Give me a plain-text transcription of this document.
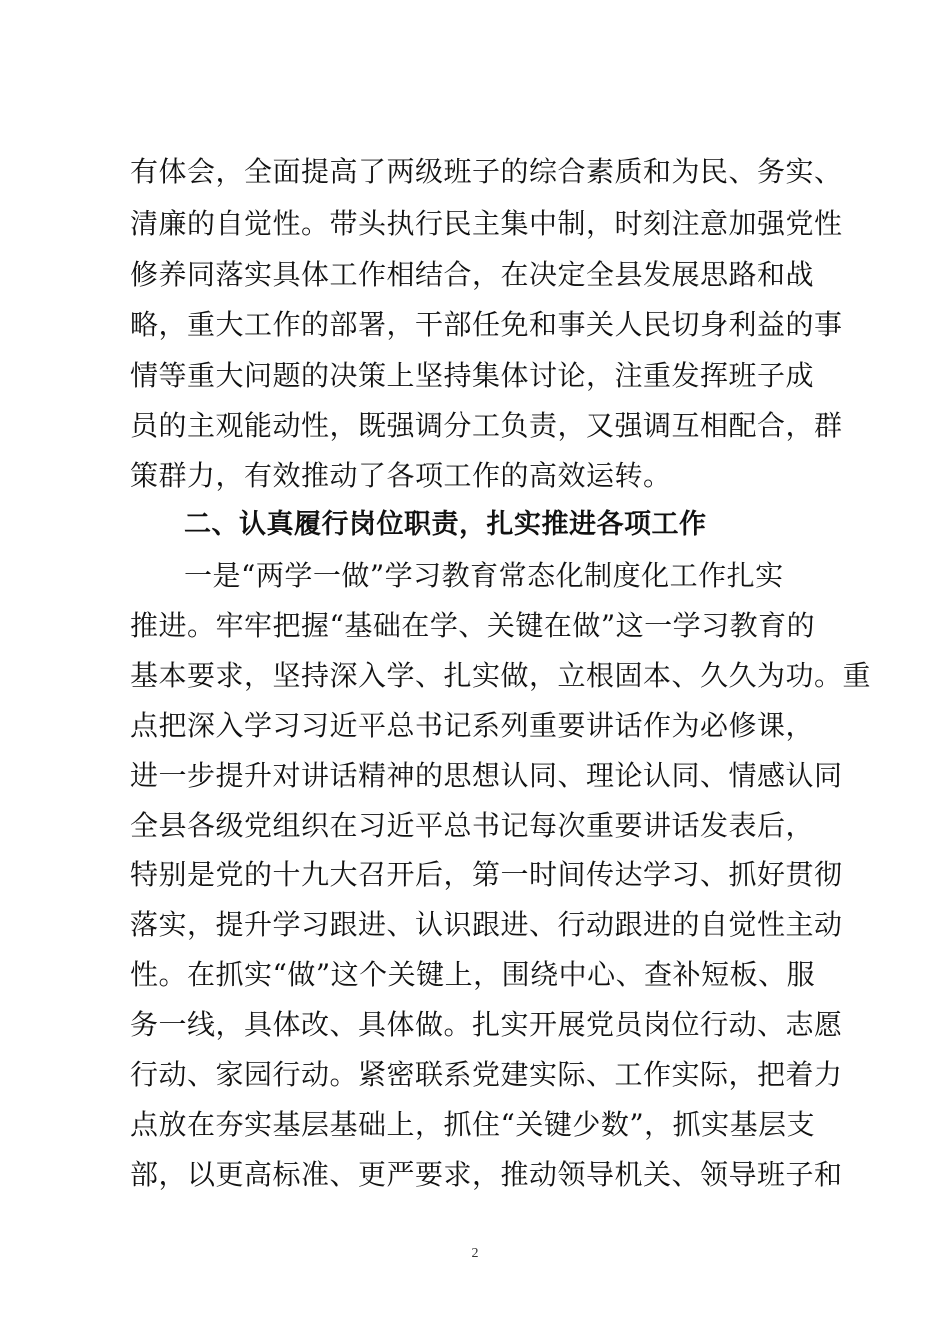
有体会，全面提高了两级班子的综合素质和为民、务实、
清廉的自觉性。带头执行民主集中制，时刻注意加强党性
修养同落实具体工作相结合，在决定全县发展思路和战
略，重大工作的部署，干部任免和事关人民切身利益的事
情等重大问题的决策上坚持集体讨论，注重发挥班子成
员的主观能动性，既强调分工负责，又强调互相配合，群
策群力，有效推动了各项工作的高效运转。
二、认真履行岗位职责，扎实推进各项工作
一是“两学一做”学习教育常态化制度化工作扎实
推进。牢牢把握“基础在学、关键在做”这一学习教育的
基本要求，坚持深入学、扎实做，立根固本、久久为功。重
点把深入学习习近平总书记系列重要讲话作为必修课，
进一步提升对讲话精神的思想认同、理论认同、情感认同
全县各级党组织在习近平总书记每次重要讲话发表后，
特别是党的十九大召开后，第一时间传达学习、抓好贯彻
落实，提升学习跟进、认识跟进、行动跟进的自觉性主动
性。在抓实“做”这个关键上，围绕中心、查补短板、服
务一线，具体改、具体做。扎实开展党员岗位行动、志愿
行动、家园行动。紧密联系党建实际、工作实际，把着力
点放在夯实基层基础上，抓住“关键少数”，抓实基层支
部，以更高标准、更严要求，推动领导机关、领导班子和
2
